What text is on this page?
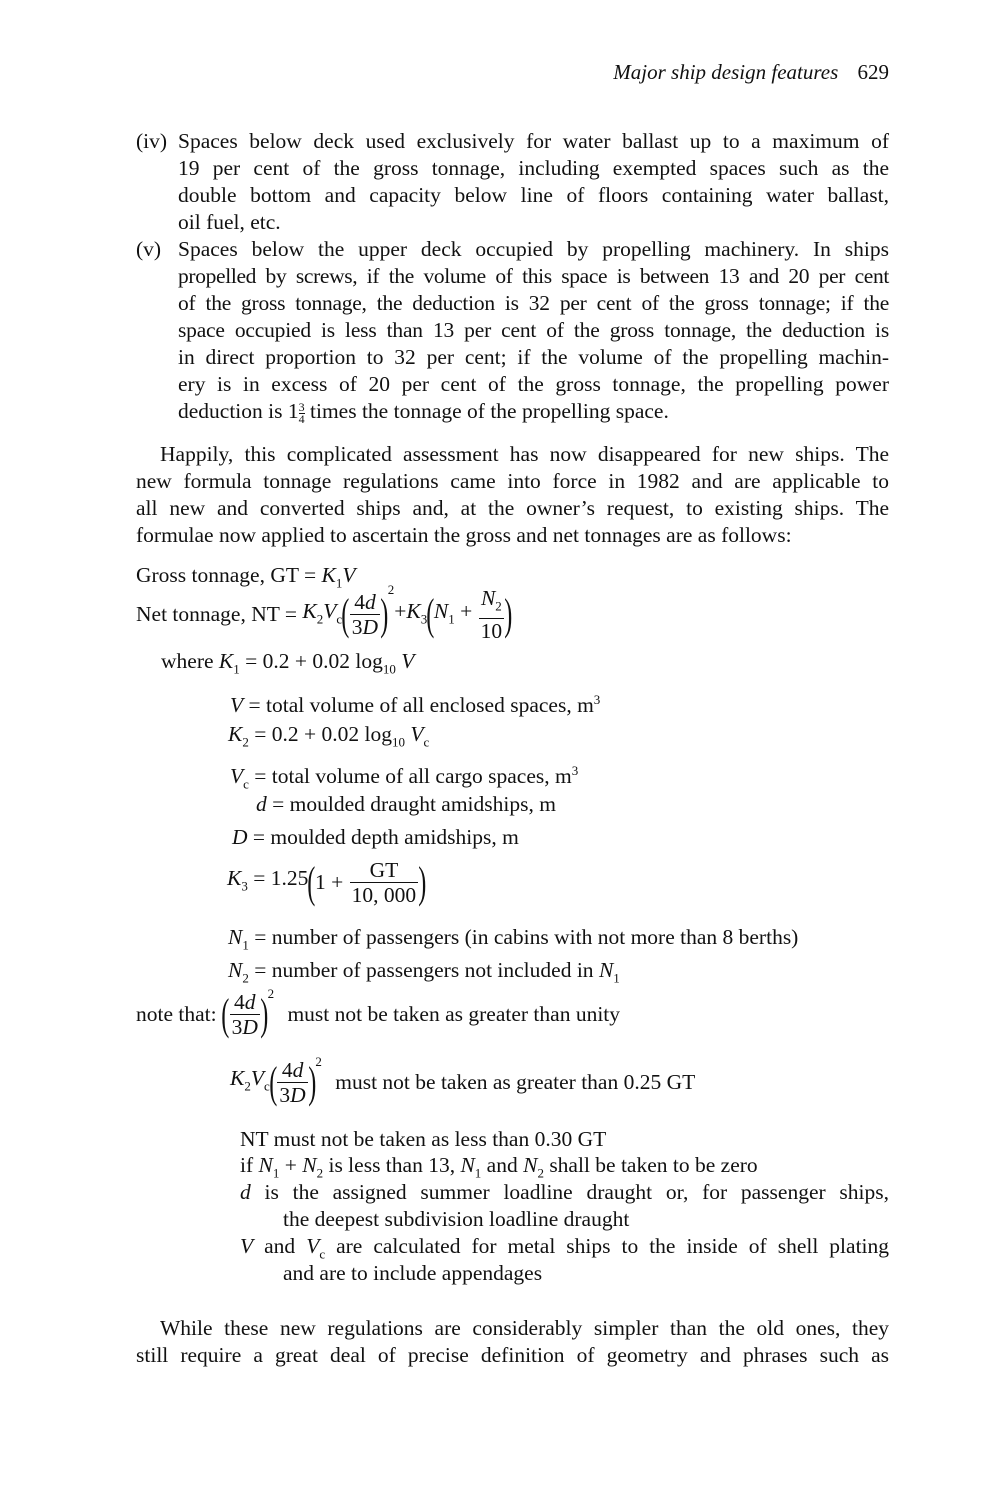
Major ship design features 629
(iv) Spaces below deck used exclusively for water ballast up to a maximum of
19 per cent of the gross tonnage, including exempted spaces such as the
double bottom and capacity below line of floors containing water ballast,
oil fuel, etc.
(v) Spaces below the upper deck occupied by propelling machinery. In ships
propelled by screws, if the volume of this space is between 13 and 20 per cent
of the gross tonnage, the deduction is 32 per cent of the gross tonnage; if the
space occupied is less than 13 per cent of the gross tonnage, the deduction is
in direct proportion to 32 per cent; if the volume of the propelling machin-
ery is in excess of 20 per cent of the gross tonnage, the propelling power
deduction is $1 \frac{3}{4}$ times the tonnage of the propelling space.
Happily, this complicated assessment has now disappeared for new ships. The
new formula tonnage regulations came into force in 1982 and are applicable to
all new and converted ships and, at the owner’s request, to existing ships. The
formulae now applied to ascertain the gross and net tonnages are as follows:
Gross tonnage, GT = $K_1V$
Net tonnage, NT = $K_2V_c( \frac{4d}{3D} )^2+K_3(N_1 + \frac{N_2}{10}$ )
where $K_1 = 0.2 + 0.02$ $\log_{10} V$
V = total volume of all enclosed spaces, $m^3$
$K_2 = 0.2 + 0.02$ $\log_{10} V_c$
$V_c$ = total volume of all cargo spaces, $m^3$
d = moulded draught amidships, m
D = moulded depth amidships, m
$K_3 = 1.25(1 + \frac{GT}{10, 000}$ )
$N_1$ = number of passengers (in cabins with not more than 8 berths)
$N_2$ = number of passengers not included in $N_1$
note that: ( $\frac{4d}{3D} )^2$ must not be taken as greater than unity
$K_2V_c( \frac{4d}{3D} )^2$ must not be taken as greater than 0.25 GT
NT must not be taken as less than 0.30 GT
if $N_1 + N_2$ is less than 13, $N_1$ and $N_2$ shall be taken to be zero
d is the assigned summer loadline draught or, for passenger ships,
the deepest subdivision loadline draught
V and $V_c$ are calculated for metal ships to the inside of shell plating
and are to include appendages
While these new regulations are considerably simpler than the old ones, they
still require a great deal of precise definition of geometry and phrases such as
